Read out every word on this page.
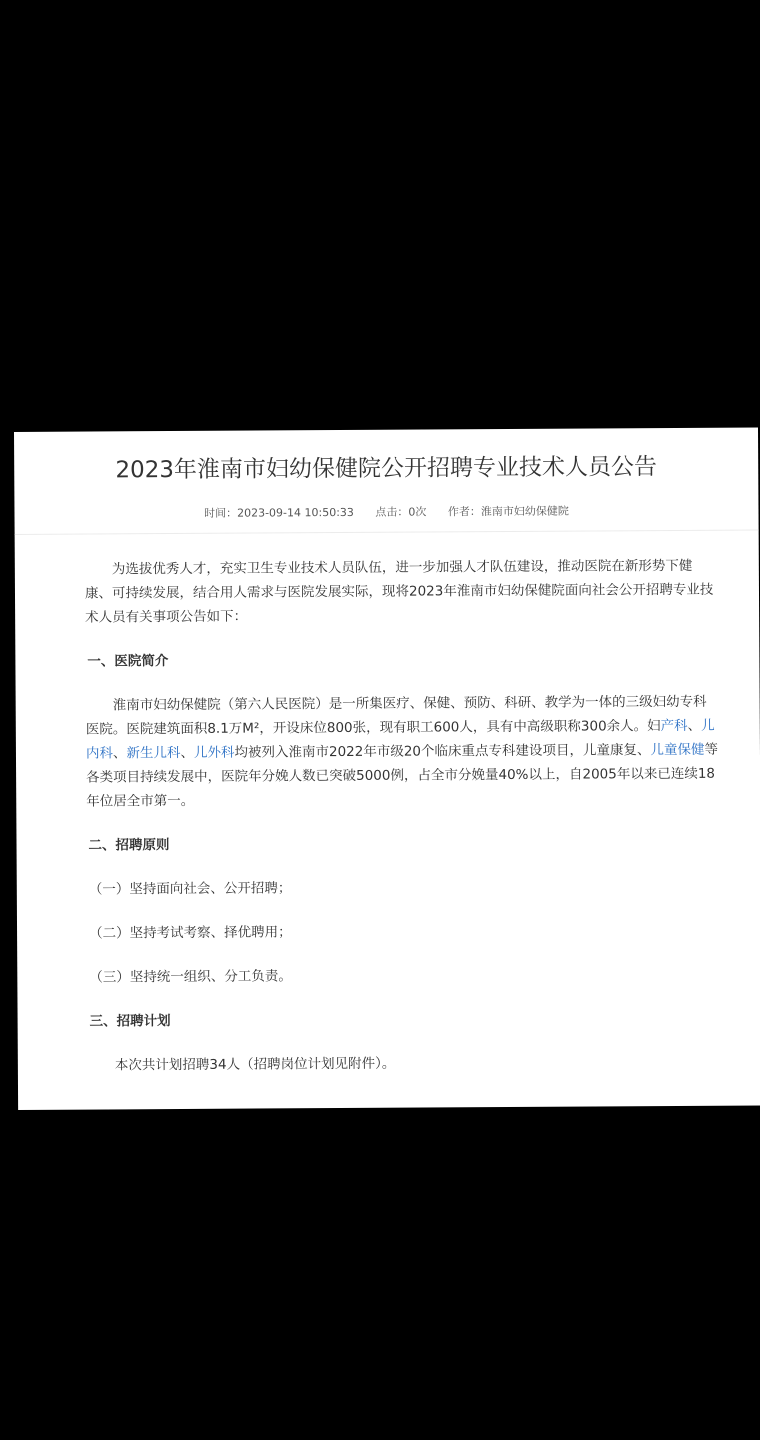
2023年淮南市妇幼保健院公开招聘专业技术人员公告
时间：2023-09-14 10:50:33 点击：0次 作者：淮南市妇幼保健院

为选拔优秀人才，充实卫生专业技术人员队伍，进一步加强人才队伍建设，推动医院在新形势下健康、可持续发展，结合用人需求与医院发展实际，现将2023年淮南市妇幼保健院面向社会公开招聘专业技术人员有关事项公告如下：

一、医院简介

淮南市妇幼保健院（第六人民医院）是一所集医疗、保健、预防、科研、教学为一体的三级妇幼专科医院。医院建筑面积8.1万M²，开设床位800张，现有职工600人，具有中高级职称300余人。妇产科、儿内科、新生儿科、儿外科均被列入淮南市2022年市级20个临床重点专科建设项目，儿童康复、儿童保健等各类项目持续发展中，医院年分娩人数已突破5000例，占全市分娩量40%以上，自2005年以来已连续18年位居全市第一。

二、招聘原则

（一）坚持面向社会、公开招聘；

（二）坚持考试考察、择优聘用；

（三）坚持统一组织、分工负责。

三、招聘计划

本次共计划招聘34人（招聘岗位计划见附件）。
